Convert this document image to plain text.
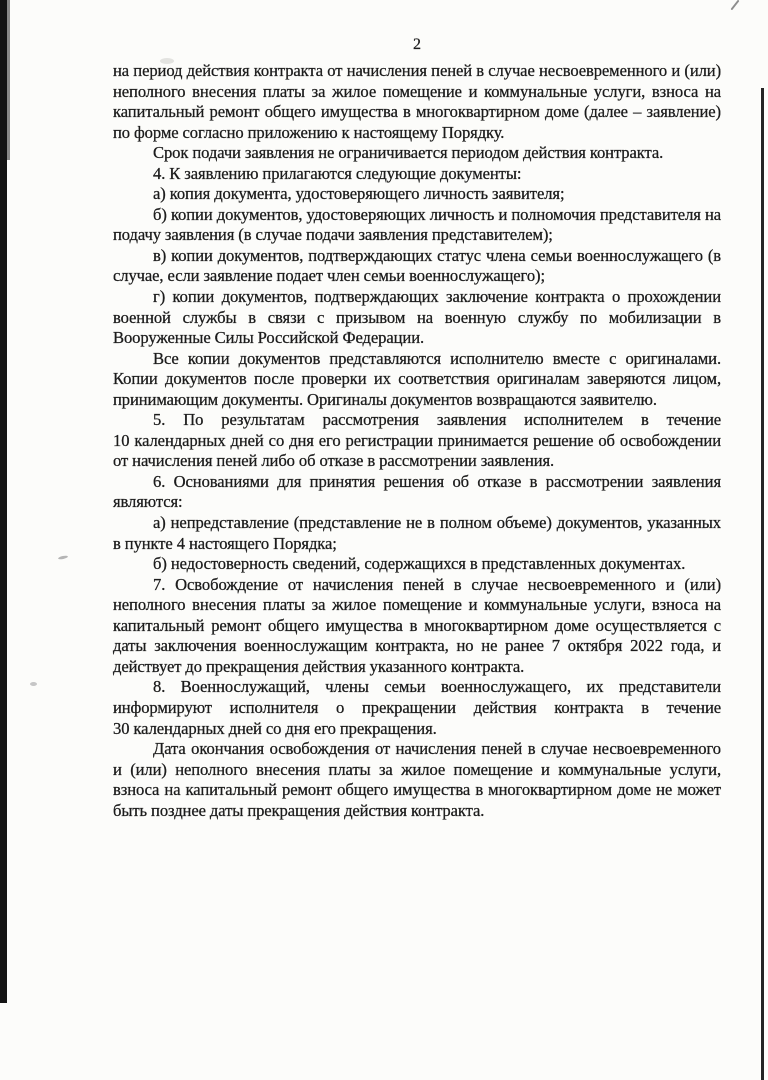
2

на период действия контракта от начисления пеней в случае несвоевременного и (или) неполного внесения платы за жилое помещение и коммунальные услуги, взноса на капитальный ремонт общего имущества в многоквартирном доме (далее – заявление) по форме согласно приложению к настоящему Порядку.

Срок подачи заявления не ограничивается периодом действия контракта.

4. К заявлению прилагаются следующие документы:

а) копия документа, удостоверяющего личность заявителя;

б) копии документов, удостоверяющих личность и полномочия представителя на подачу заявления (в случае подачи заявления представителем);

в) копии документов, подтверждающих статус члена семьи военнослужащего (в случае, если заявление подает член семьи военнослужащего);

г) копии документов, подтверждающих заключение контракта о прохождении военной службы в связи с призывом на военную службу по мобилизации в Вооруженные Силы Российской Федерации.

Все копии документов представляются исполнителю вместе с оригиналами. Копии документов после проверки их соответствия оригиналам заверяются лицом, принимающим документы. Оригиналы документов возвращаются заявителю.

5. По результатам рассмотрения заявления исполнителем в течение 10 календарных дней со дня его регистрации принимается решение об освобождении от начисления пеней либо об отказе в рассмотрении заявления.

6. Основаниями для принятия решения об отказе в рассмотрении заявления являются:

а) непредставление (представление не в полном объеме) документов, указанных в пункте 4 настоящего Порядка;

б) недостоверность сведений, содержащихся в представленных документах.

7. Освобождение от начисления пеней в случае несвоевременного и (или) неполного внесения платы за жилое помещение и коммунальные услуги, взноса на капитальный ремонт общего имущества в многоквартирном доме осуществляется с даты заключения военнослужащим контракта, но не ранее 7 октября 2022 года, и действует до прекращения действия указанного контракта.

8. Военнослужащий, члены семьи военнослужащего, их представители информируют исполнителя о прекращении действия контракта в течение 30 календарных дней со дня его прекращения.

Дата окончания освобождения от начисления пеней в случае несвоевременного и (или) неполного внесения платы за жилое помещение и коммунальные услуги, взноса на капитальный ремонт общего имущества в многоквартирном доме не может быть позднее даты прекращения действия контракта.
